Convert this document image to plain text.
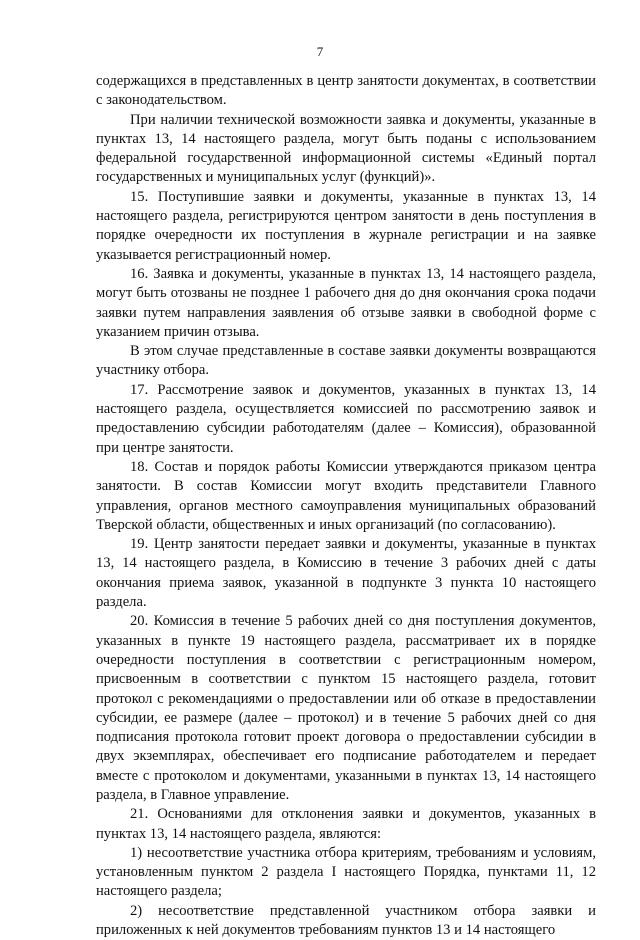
7

содержащихся в представленных в центр занятости документах, в соответствии с законодательством.

При наличии технической возможности заявка и документы, указанные в пунктах 13, 14 настоящего раздела, могут быть поданы с использованием федеральной государственной информационной системы «Единый портал государственных и муниципальных услуг (функций)».

15. Поступившие заявки и документы, указанные в пунктах 13, 14 настоящего раздела, регистрируются центром занятости в день поступления в порядке очередности их поступления в журнале регистрации и на заявке указывается регистрационный номер.

16. Заявка и документы, указанные в пунктах 13, 14 настоящего раздела, могут быть отозваны не позднее 1 рабочего дня до дня окончания срока подачи заявки путем направления заявления об отзыве заявки в свободной форме с указанием причин отзыва.

В этом случае представленные в составе заявки документы возвращаются участнику отбора.

17. Рассмотрение заявок и документов, указанных в пунктах 13, 14 настоящего раздела, осуществляется комиссией по рассмотрению заявок и предоставлению субсидии работодателям (далее – Комиссия), образованной при центре занятости.

18. Состав и порядок работы Комиссии утверждаются приказом центра занятости. В состав Комиссии могут входить представители Главного управления, органов местного самоуправления муниципальных образований Тверской области, общественных и иных организаций (по согласованию).

19. Центр занятости передает заявки и документы, указанные в пунктах 13, 14 настоящего раздела, в Комиссию в течение 3 рабочих дней с даты окончания приема заявок, указанной в подпункте 3 пункта 10 настоящего раздела.

20. Комиссия в течение 5 рабочих дней со дня поступления документов, указанных в пункте 19 настоящего раздела, рассматривает их в порядке очередности поступления в соответствии с регистрационным номером, присвоенным в соответствии с пунктом 15 настоящего раздела, готовит протокол с рекомендациями о предоставлении или об отказе в предоставлении субсидии, ее размере (далее – протокол) и в течение 5 рабочих дней со дня подписания протокола готовит проект договора о предоставлении субсидии в двух экземплярах, обеспечивает его подписание работодателем и передает вместе с протоколом и документами, указанными в пунктах 13, 14 настоящего раздела, в Главное управление.

21. Основаниями для отклонения заявки и документов, указанных в пунктах 13, 14 настоящего раздела, являются:

1) несоответствие участника отбора критериям, требованиям и условиям, установленным пунктом 2 раздела I настоящего Порядка, пунктами 11, 12 настоящего раздела;

2) несоответствие представленной участником отбора заявки и приложенных к ней документов требованиям пунктов 13 и 14 настоящего
